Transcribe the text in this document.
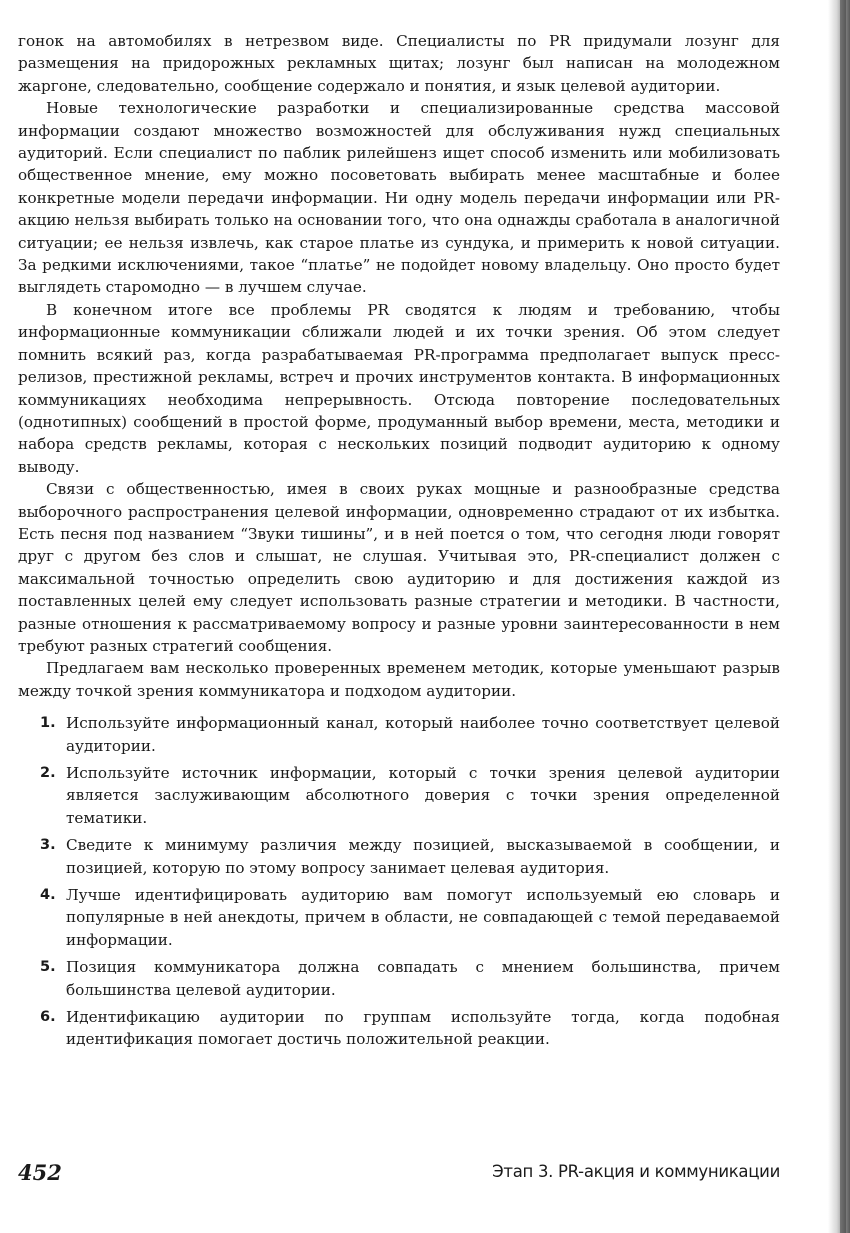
гонок на автомобилях в нетрезвом виде. Специалисты по PR придумали лозунг для размещения на придорожных рекламных щитах; лозунг был написан на молодежном жаргоне, следовательно, сообщение содержало и понятия, и язык целевой аудитории.

Новые технологические разработки и специализированные средства массовой информации создают множество возможностей для обслуживания нужд специальных аудиторий. Если специалист по паблик рилейшенз ищет способ изменить или мобилизовать общественное мнение, ему можно посоветовать выбирать менее масштабные и более конкретные модели передачи информации. Ни одну модель передачи информации или PR-акцию нельзя выбирать только на основании того, что она однажды сработала в аналогичной ситуации; ее нельзя извлечь, как старое платье из сундука, и примерить к новой ситуации. За редкими исключениями, такое “платье” не подойдет новому владельцу. Оно просто будет выглядеть старомодно — в лучшем случае.

В конечном итоге все проблемы PR сводятся к людям и требованию, чтобы информационные коммуникации сближали людей и их точки зрения. Об этом следует помнить всякий раз, когда разрабатываемая PR-программа предполагает выпуск пресс-релизов, престижной рекламы, встреч и прочих инструментов контакта. В информационных коммуникациях необходима непрерывность. Отсюда повторение последовательных (однотипных) сообщений в простой форме, продуманный выбор времени, места, методики и набора средств рекламы, которая с нескольких позиций подводит аудиторию к одному выводу.

Связи с общественностью, имея в своих руках мощные и разнообразные средства выборочного распространения целевой информации, одновременно страдают от их избытка. Есть песня под названием “Звуки тишины”, и в ней поется о том, что сегодня люди говорят друг с другом без слов и слышат, не слушая. Учитывая это, PR-специалист должен с максимальной точностью определить свою аудиторию и для достижения каждой из поставленных целей ему следует использовать разные стратегии и методики. В частности, разные отношения к рассматриваемому вопросу и разные уровни заинтересованности в нем требуют разных стратегий сообщения.

Предлагаем вам несколько проверенных временем методик, которые уменьшают разрыв между точкой зрения коммуникатора и подходом аудитории.

1. Используйте информационный канал, который наиболее точно соответствует целевой аудитории.
2. Используйте источник информации, который с точки зрения целевой аудитории является заслуживающим абсолютного доверия с точки зрения определенной тематики.
3. Сведите к минимуму различия между позицией, высказываемой в сообщении, и позицией, которую по этому вопросу занимает целевая аудитория.
4. Лучше идентифицировать аудиторию вам помогут используемый ею словарь и популярные в ней анекдоты, причем в области, не совпадающей с темой передаваемой информации.
5. Позиция коммуникатора должна совпадать с мнением большинства, причем большинства целевой аудитории.
6. Идентификацию аудитории по группам используйте тогда, когда подобная идентификация помогает достичь положительной реакции.
452	Этап 3. PR-акция и коммуникации
